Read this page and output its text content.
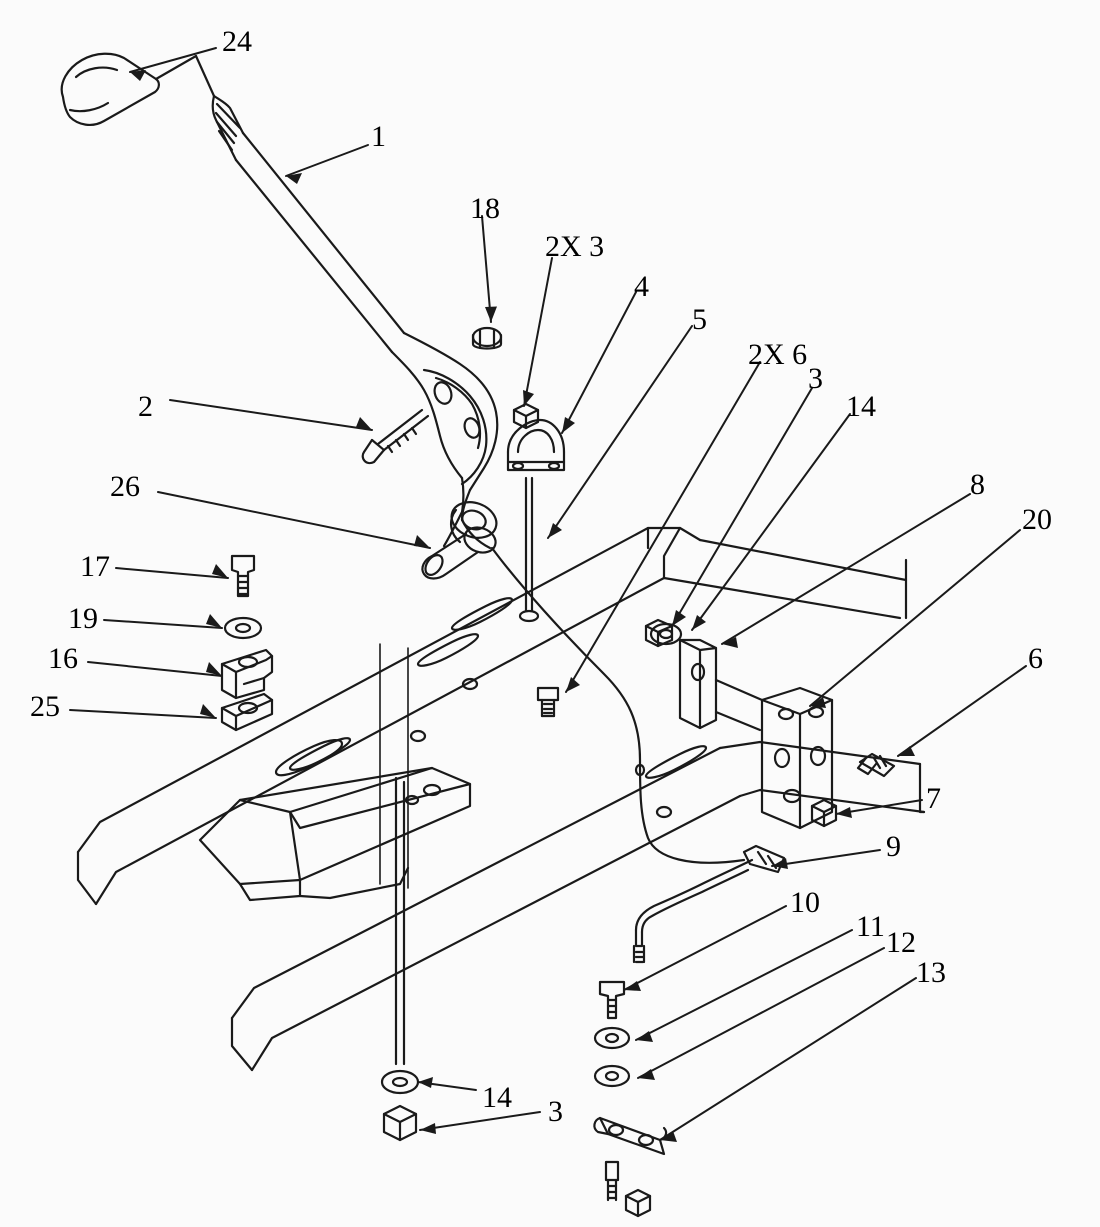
24
1
18
2X 3
4
5
2X 6
3
14
2
26	8
20
17
19
16	6
25
7
9
10
11 12
13
14 3
